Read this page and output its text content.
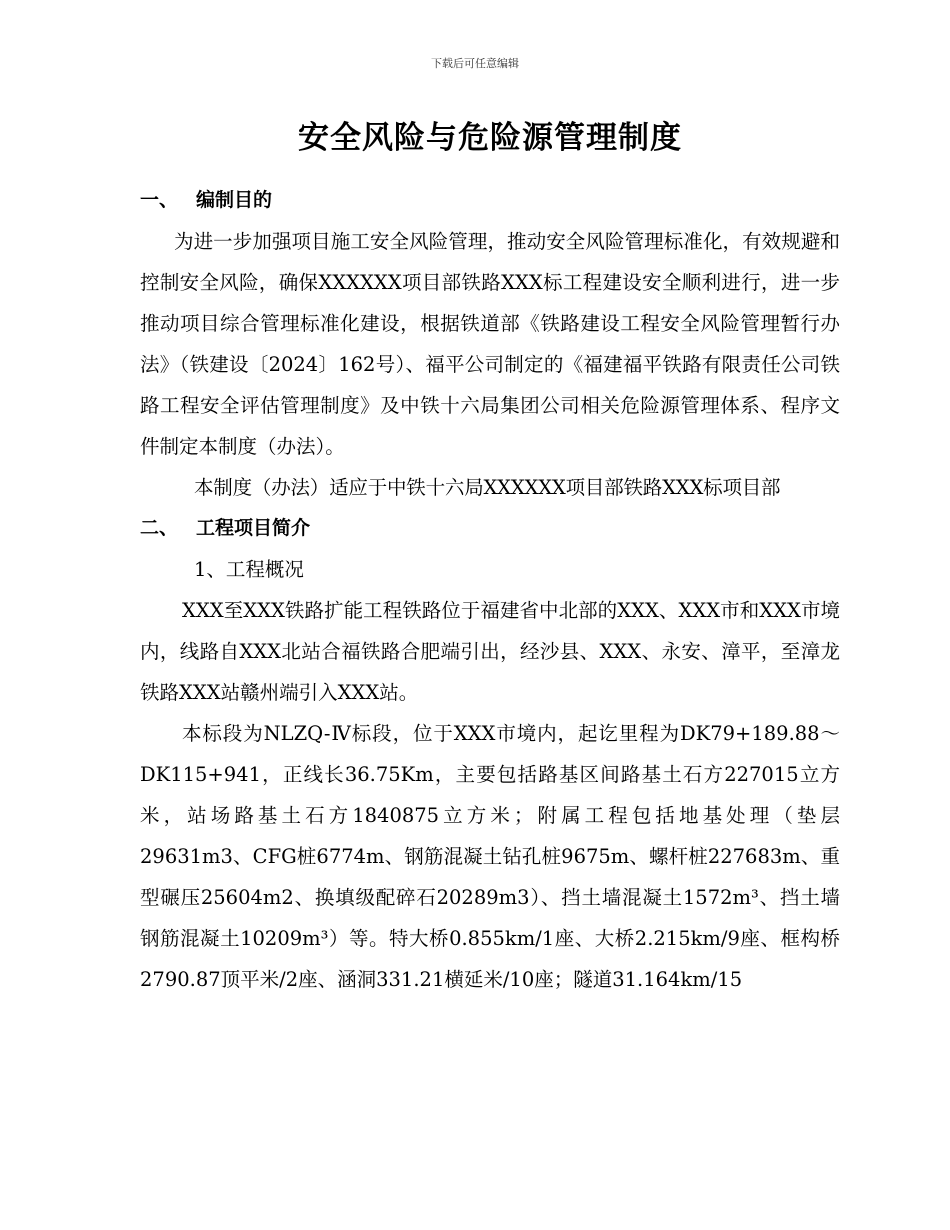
下载后可任意编辑
安全风险与危险源管理制度
一、 编制目的

为进一步加强项目施工安全风险管理，推动安全风险管理标准化，有效规避和控制安全风险，确保XXXXXX项目部铁路XXX标工程建设安全顺利进行，进一步推动项目综合管理标准化建设，根据铁道部《铁路建设工程安全风险管理暂行办法》（铁建设〔2024〕162号）、福平公司制定的《福建福平铁路有限责任公司铁路工程安全评估管理制度》及中铁十六局集团公司相关危险源管理体系、程序文件制定本制度（办法）。

本制度（办法）适应于中铁十六局XXXXXX项目部铁路XXX标项目部

二、 工程项目简介
1、工程概况

XXX至XXX铁路扩能工程铁路位于福建省中北部的XXX、XXX市和XXX市境内，线路自XXX北站合福铁路合肥端引出，经沙县、XXX、永安、漳平，至漳龙铁路XXX站赣州端引入XXX站。

本标段为NLZQ-Ⅳ标段，位于XXX市境内，起讫里程为DK79+189.88～DK115+941，正线长36.75Km，主要包括路基区间路基土石方227015立方米，站场路基土石方1840875立方米；附属工程包括地基处理（垫层29631m3、CFG桩6774m、钢筋混凝土钻孔桩9675m、螺杆桩227683m、重型碾压25604m2、换填级配碎石20289m3）、挡土墙混凝土1572m³、挡土墙钢筋混凝土10209m³）等。特大桥0.855km/1座、大桥2.215km/9座、框构桥2790.87顶平米/2座、涵洞331.21横延米/10座；隧道31.164km/15
